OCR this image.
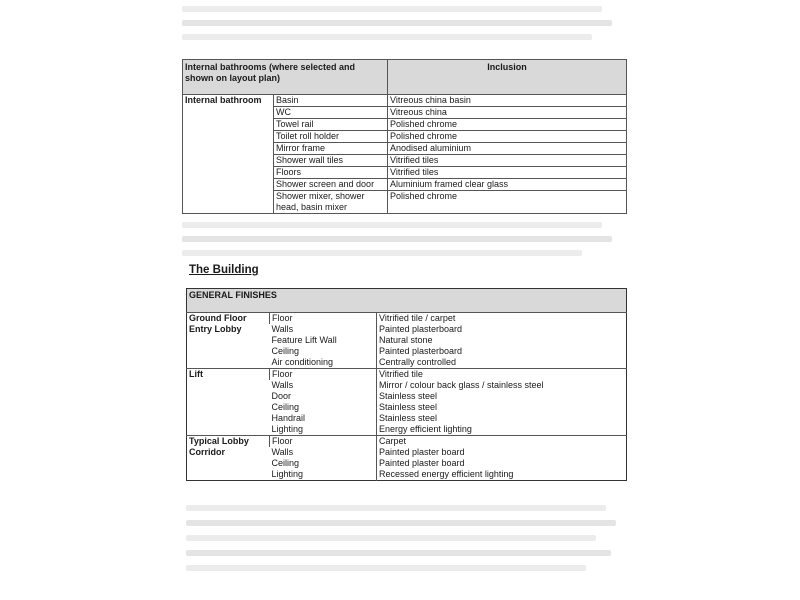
Internal bathrooms (where selected and shown on layout plan)		Inclusion
Internal bathroom	Basin	Vitreous china basin
	WC	Vitreous china
	Towel rail	Polished chrome
	Toilet roll holder	Polished chrome
	Mirror frame	Anodised aluminium
	Shower wall tiles	Vitrified tiles
	Floors	Vitrified tiles
	Shower screen and door	Aluminium framed clear glass
	Shower mixer, shower head, basin mixer	Polished chrome
The Building
GENERAL FINISHES		
Ground Floor Entry Lobby	Floor	Vitrified tile / carpet
	Walls	Painted plasterboard
	Feature Lift Wall	Natural stone
	Ceiling	Painted plasterboard
	Air conditioning	Centrally controlled
Lift	Floor	Vitrified tile
	Walls	Mirror / colour back glass / stainless steel
	Door	Stainless steel
	Ceiling	Stainless steel
	Handrail	Stainless steel
	Lighting	Energy efficient lighting
Typical Lobby Corridor	Floor	Carpet
	Walls	Painted plaster board
	Ceiling	Painted plaster board
	Lighting	Recessed energy efficient lighting
